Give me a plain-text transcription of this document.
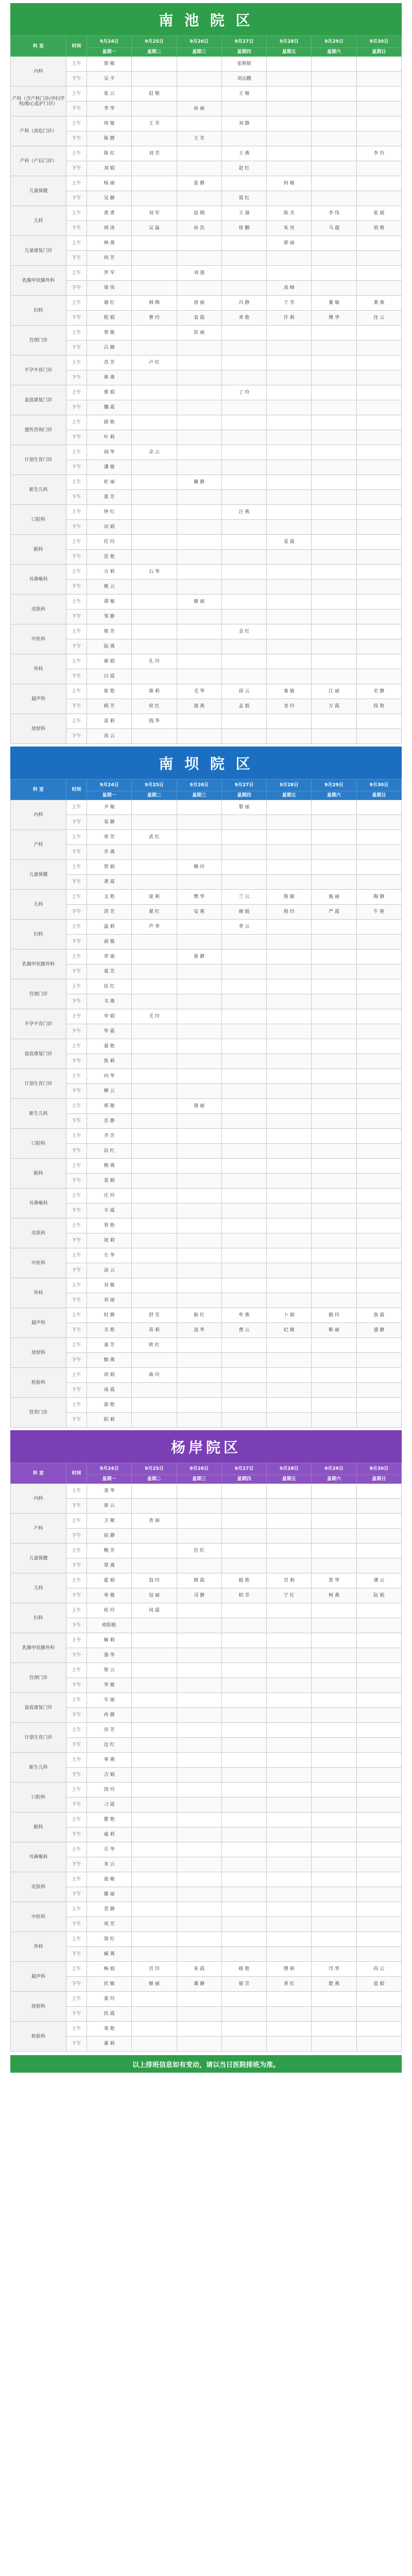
南 池 院 区
科 室	时间	9月24日	9月25日	9月26日	9月27日	9月28日	9月29日	9月30日
		星期一	星期二	星期三	星期四	星期五	星期六	星期日
内科	上午	郭 敏			张莉娟			
	下午	吴 平			刘志鹏			
产科（含产科门诊/孕妇学校/胎心监护门诊）	上午	张 云	赵 敏		王 敏			
	下午	李 华		孙 丽				
产科（高危门诊）	上午	周 敏	王 芳		刘 静			
	下午	陈 静		王 芳				
产科（产后门诊）	上午	陈 红	刘 芳		王 燕			李 玲
	下午	刘 娟			赵 红			
儿童保健	上午	杨 丽		张 静		何 敏		
	下午	吴 静			郑 红			
儿科	上午	黄 勇	刘 军	赵 刚	王 强	陈 杰	李 伟	张 斌
	下午	周 涛	吴 磊	孙 浩	徐 鹏	朱 亮	马 超	胡 俊
儿童康复门诊	上午	林 燕				郭 丽		
	下午	何 芳						
乳腺甲状腺外科	上午	罗 军		刘 强				
	下午	梁 伟				高 峰		
妇科	上午	谢 红	韩 梅	唐 丽	冯 静	于 芳	董 敏	萧 燕
	下午	程 娟	曹 玲	袁 霞	邓 艳	许 莉	傅 华	沈 云
宫颈门诊	上午	曾 敏		彭 丽				
	下午	吕 静						
不孕不育门诊	上午	苏 芳	卢 红					
	下午	蒋 燕						
盆底康复门诊	上午	蔡 娟			丁 玲			
	下午	魏 霞						
遗传咨询门诊	上午	薛 艳						
	下午	叶 莉						
计划生育门诊	上午	阎 华	余 云					
	下午	潘 敏						
新生儿科	上午	杜 丽		戴 静				
	下午	夏 芳						
口腔科	上午	钟 红			汪 燕			
	下午	田 娟						
眼科	上午	任 玲				姜 霞		
	下午	范 艳						
耳鼻喉科	上午	方 莉	石 华					
	下午	姚 云						
皮肤科	上午	谭 敏		廖 丽				
	下午	邹 静						
中医科	上午	熊 芳			金 红			
	下午	陆 燕						
外科	上午	郝 娟	孔 玲					
	下午	白 霞						
超声科	上午	崔 艳	康 莉	毛 华	邱 云	秦 敏	江 丽	史 静
	下午	顾 芳	侯 红	邵 燕	孟 娟	龙 玲	万 霞	段 艳
放射科	上午	雷 莉	钱 华					
	下午	汤 云						
南 坝 院 区
科 室	时间	9月24日	9月25日	9月26日	9月27日	9月28日	9月29日	9月30日
		星期一	星期二	星期三	星期四	星期五	星期六	星期日
内科	上午	尹 敏			黎 丽			
	下午	易 静						
产科	上午	常 芳	武 红					
	下午	乔 燕						
儿童保健	上午	贺 娟		赖 玲				
	下午	龚 霞						
儿科	上午	文 艳	庞 莉	樊 华	兰 云	殷 敏	施 丽	陶 静
	下午	洪 芳	翟 红	安 燕	颜 娟	倪 玲	严 霞	牛 艳
妇科	上午	温 莉	芦 华		季 云			
	下午	俞 敏						
乳腺甲状腺外科	上午	章 丽		鲁 静				
	下午	葛 芳						
宫颈门诊	上午	伍 红						
	下午	韦 燕						
不孕不育门诊	上午	申 娟	尤 玲					
	下午	毕 霞						
盆底康复门诊	上午	聂 艳						
	下午	焦 莉						
计划生育门诊	上午	向 华						
	下午	柳 云						
新生儿科	上午	邢 敏		骆 丽				
	下午	岳 静						
口腔科	上午	齐 芳						
	下午	沿 红						
眼科	上午	梅 燕						
	下午	莫 娟						
耳鼻喉科	上午	庄 玲						
	下午	辛 霞						
皮肤科	上午	管 艳						
	下午	祝 莉						
中医科	上午	左 华						
	下午	涂 云						
外科	上午	谷 敏						
	下午	祁 丽						
超声科	上午	时 静	舒 芳	耿 红	牟 燕	卜 娟	路 玲	詹 霞
	下午	关 艳	苗 莉	凌 华	费 云	纪 敏	靳 丽	盛 静
放射科	上午	童 芳	欧 红					
	下午	甄 燕						
检验科	上午	项 娟	曲 玲					
	下午	成 霞						
营养门诊	上午	游 艳						
	下午	阳 莉						
杨岸院区
科 室	时间	9月24日	9月25日	9月26日	9月27日	9月28日	9月29日	9月30日
		星期一	星期二	星期三	星期四	星期五	星期六	星期日
内科	上午	裴 华						
	下午	席 云						
产科	上午	卫 敏	查 丽					
	下午	屈 静						
儿童保健	上午	鲍 芳		位 红				
	下午	覃 燕						
儿科	上午	霍 娟	翁 玲	隋 霞	植 艳	甘 莉	景 华	薄 云
	下午	单 敏	包 丽	司 静	柏 芳	宁 红	柯 燕	阮 娟
妇科	上午	桂 玲	闵 霞					
	下午	欧阳艳						
乳腺甲状腺外科	上午	解 莉						
	下午	强 华						
宫颈门诊	上午	柴 云						
	下午	华 敏						
盆底康复门诊	上午	车 丽						
	下午	冉 静						
计划生育门诊	上午	房 芳						
	下午	边 红						
新生儿科	上午	辜 燕						
	下午	吉 娟						
口腔科	上午	饶 玲						
	下午	刁 霞						
眼科	上午	瞿 艳						
	下午	戚 莉						
耳鼻喉科	上午	丘 华						
	下午	米 云						
皮肤科	上午	池 敏						
	下午	滕 丽						
中医科	上午	晋 静						
	下午	苑 芳						
外科	上午	邬 红						
	下午	臧 燕						
超声科	上午	畅 娟	宫 玲	来 霞	嵇 艳	缪 莉	邝 华	尚 云
	下午	伏 敏	姬 丽	冀 静	郁 芳	胥 红	能 燕	蓝 娟
放射科	上午	蒙 玲						
	下午	仇 霞						
检验科	上午	栾 艳						
	下午	暴 莉						
以上排班信息如有变动，请以当日医院排班为准。
